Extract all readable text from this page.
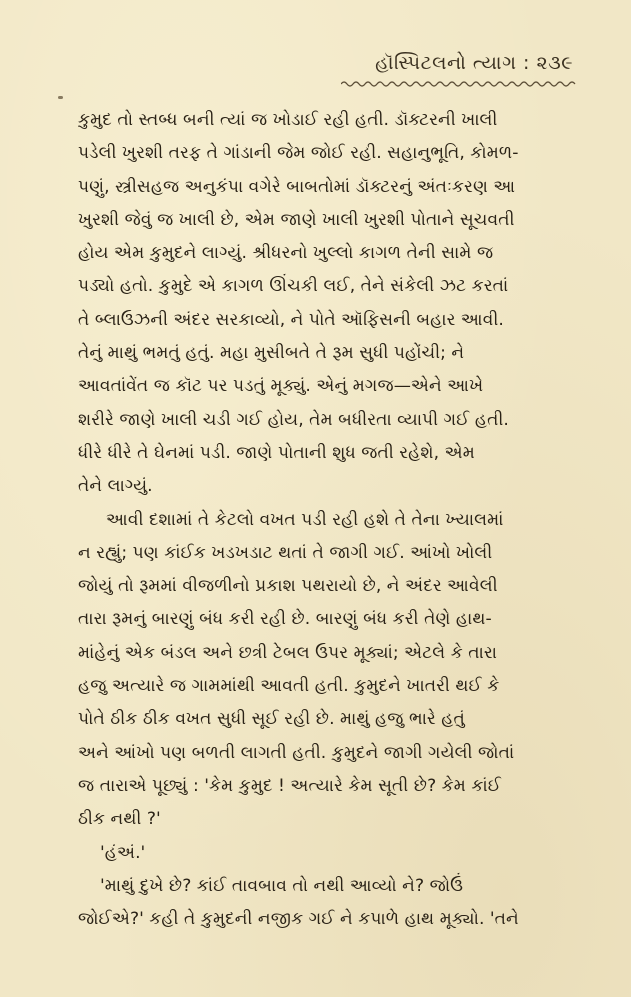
હૉસ્પિટલનો ત્યાગ : ૨૩૯
કુમુદ તો સ્તબ્ધ બની ત્યાં જ ખોડાઈ રહી હતી. ડૉક્ટરની ખાલી
પડેલી ખુરશી તરફ તે ગાંડાની જેમ જોઈ રહી. સહાનુભૂતિ, કોમળ-
પણું, સ્ત્રીસહજ અનુકંપા વગેરે બાબતોમાં ડૉક્ટરનું અંતઃકરણ આ
ખુરશી જેવું જ ખાલી છે, એમ જાણે ખાલી ખુરશી પોતાને સૂચવતી
હોય એમ કુમુદને લાગ્યું. શ્રીધરનો ખુલ્લો કાગળ તેની સામે જ
પડ્યો હતો. કુમુદે એ કાગળ ઊંચકી લઈ, તેને સંકેલી ઝટ કરતાં
તે બ્લાઉઝની અંદર સરકાવ્યો, ને પોતે ઑફિસની બહાર આવી.
તેનું માથું ભમતું હતું. મહા મુસીબતે તે રૂમ સુધી પહોંચી; ને
આવતાંવેંત જ કૉટ પર પડતું મૂક્યું. એનું મગજ—એને આખે
શરીરે જાણે ખાલી ચડી ગઈ હોય, તેમ બધીરતા વ્યાપી ગઈ હતી.
ધીરે ધીરે તે ઘેનમાં પડી. જાણે પોતાની શુધ જતી રહેશે, એમ
તેને લાગ્યું.
આવી દશામાં તે કેટલો વખત પડી રહી હશે તે તેના ખ્યાલમાં
ન રહ્યું; પણ કાંઈક ખડખડાટ થતાં તે જાગી ગઈ. આંખો ખોલી
જોયું તો રૂમમાં વીજળીનો પ્રકાશ પથરાયો છે, ને અંદર આવેલી
તારા રૂમનું બારણું બંધ કરી રહી છે. બારણું બંધ કરી તેણે હાથ-
માંહેનું એક બંડલ અને છત્રી ટેબલ ઉપર મૂક્યાં; એટલે કે તારા
હજુ અત્યારે જ ગામમાંથી આવતી હતી. કુમુદને ખાતરી થઈ કે
પોતે ઠીક ઠીક વખત સુધી સૂઈ રહી છે. માથું હજુ ભારે હતું
અને આંખો પણ બળતી લાગતી હતી. કુમુદને જાગી ગયેલી જોતાં
જ તારાએ પૂછ્યું : 'કેમ કુમુદ ! અત્યારે કેમ સૂતી છે? કેમ કાંઈ
ઠીક નથી ?'
'હંઅં.'
'માથું દુખે છે? કાંઈ તાવબાવ તો નથી આવ્યો ને? જોઉં
જોઈએ?' કહી તે કુમુદની નજીક ગઈ ને કપાળે હાથ મૂક્યો. 'તને
